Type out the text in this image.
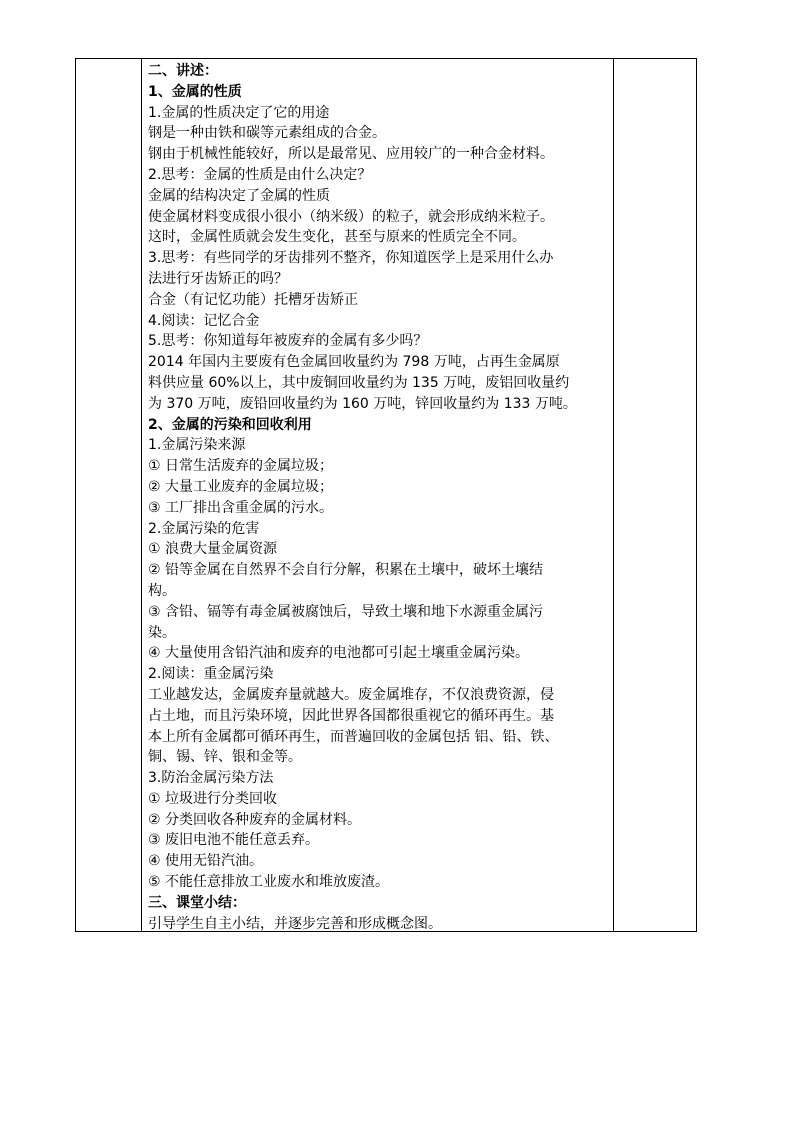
二、讲述：
1、金属的性质
1.金属的性质决定了它的用途
钢是一种由铁和碳等元素组成的合金。
钢由于机械性能较好，所以是最常见、应用较广的一种合金材料。
2.思考：金属的性质是由什么决定？
金属的结构决定了金属的性质
使金属材料变成很小很小（纳米级）的粒子，就会形成纳米粒子。
这时，金属性质就会发生变化，甚至与原来的性质完全不同。
3.思考：有些同学的牙齿排列不整齐，你知道医学上是采用什么办
法进行牙齿矫正的吗？
合金（有记忆功能）托槽牙齿矫正
4.阅读：记忆合金
5.思考：你知道每年被废弃的金属有多少吗？
2014 年国内主要废有色金属回收量约为 798 万吨，占再生金属原
料供应量 60%以上，其中废铜回收量约为 135 万吨，废铝回收量约
为 370 万吨，废铅回收量约为 160 万吨，锌回收量约为 133 万吨。
2、金属的污染和回收利用
1.金属污染来源
① 日常生活废弃的金属垃圾；
② 大量工业废弃的金属垃圾；
③ 工厂排出含重金属的污水。
2.金属污染的危害
① 浪费大量金属资源
② 铅等金属在自然界不会自行分解，积累在土壤中，破坏土壤结
构。
③ 含铅、镉等有毒金属被腐蚀后，导致土壤和地下水源重金属污
染。
④ 大量使用含铅汽油和废弃的电池都可引起土壤重金属污染。
2.阅读：重金属污染
工业越发达，金属废弃量就越大。废金属堆存，不仅浪费资源，侵
占土地，而且污染环境，因此世界各国都很重视它的循环再生。基
本上所有金属都可循环再生，而普遍回收的金属包括 铝、铅、铁、
铜、锡、锌、银和金等。
3.防治金属污染方法
① 垃圾进行分类回收
② 分类回收各种废弃的金属材料。
③ 废旧电池不能任意丢弃。
④ 使用无铅汽油。
⑤ 不能任意排放工业废水和堆放废渣。
三、课堂小结：
引导学生自主小结，并逐步完善和形成概念图。
